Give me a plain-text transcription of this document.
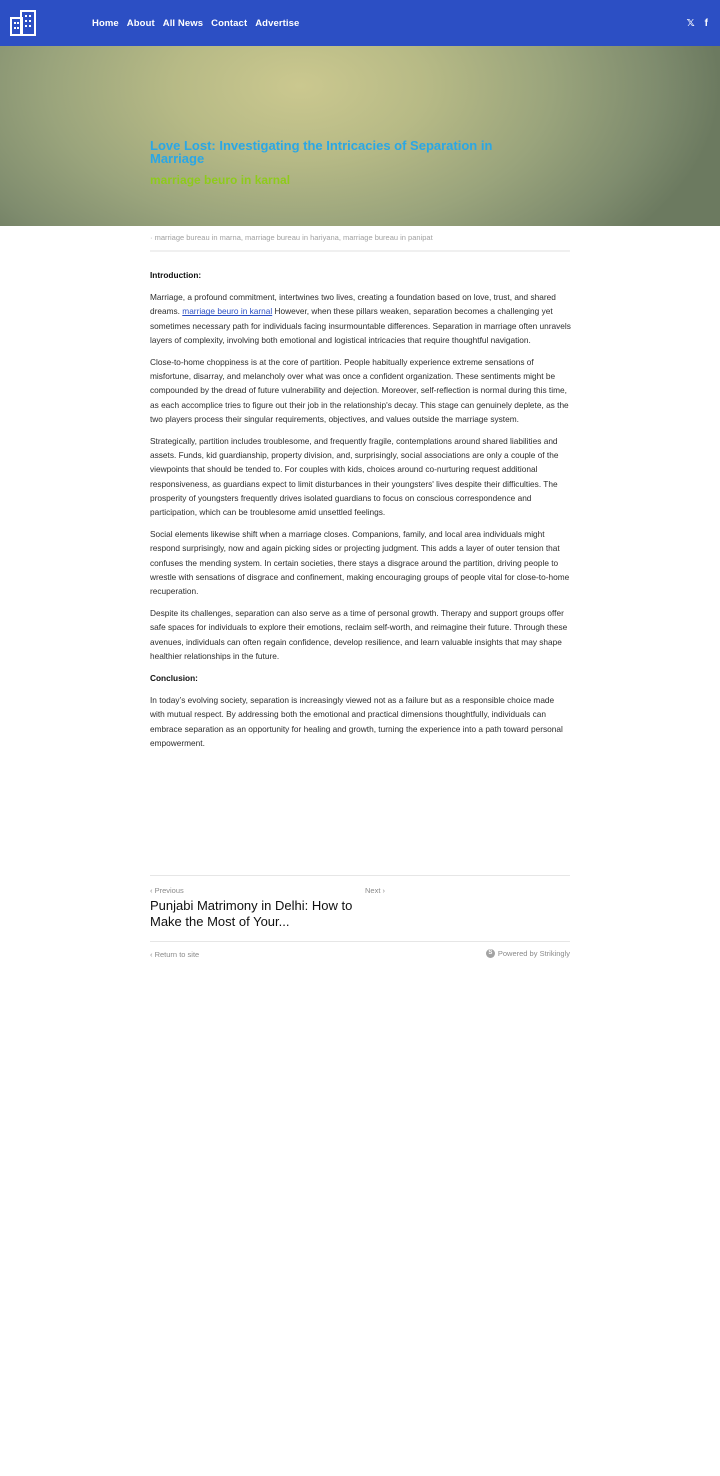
Home About All News Contact Advertise	𝕏 f
Love Lost: Investigating the Intricacies of Separation in Marriage

marriage beuro in karnal

· marriage bureau in marna, marriage bureau in hariyana, marriage bureau in panipat

Introduction:

Marriage, a profound commitment, intertwines two lives, creating a foundation based on love, trust, and shared dreams. marriage beuro in karnal However, when these pillars weaken, separation becomes a challenging yet sometimes necessary path for individuals facing insurmountable differences. Separation in marriage often unravels layers of complexity, involving both emotional and logistical intricacies that require thoughtful navigation.

Close-to-home choppiness is at the core of partition. People habitually experience extreme sensations of misfortune, disarray, and melancholy over what was once a confident organization. These sentiments might be compounded by the dread of future vulnerability and dejection. Moreover, self-reflection is normal during this time, as each accomplice tries to figure out their job in the relationship's decay. This stage can genuinely deplete, as the two players process their singular requirements, objectives, and values outside the marriage system.

Strategically, partition includes troublesome, and frequently fragile, contemplations around shared liabilities and assets. Funds, kid guardianship, property division, and, surprisingly, social associations are only a couple of the viewpoints that should be tended to. For couples with kids, choices around co-nurturing request additional responsiveness, as guardians expect to limit disturbances in their youngsters' lives despite their difficulties. The prosperity of youngsters frequently drives isolated guardians to focus on conscious correspondence and participation, which can be troublesome amid unsettled feelings.

Social elements likewise shift when a marriage closes. Companions, family, and local area individuals might respond surprisingly, now and again picking sides or projecting judgment. This adds a layer of outer tension that confuses the mending system. In certain societies, there stays a disgrace around the partition, driving people to wrestle with sensations of disgrace and confinement, making encouraging groups of people vital for close-to-home recuperation.

Despite its challenges, separation can also serve as a time of personal growth. Therapy and support groups offer safe spaces for individuals to explore their emotions, reclaim self-worth, and reimagine their future. Through these avenues, individuals can often regain confidence, develop resilience, and learn valuable insights that may shape healthier relationships in the future.

Conclusion:

In today’s evolving society, separation is increasingly viewed not as a failure but as a responsible choice made with mutual respect. By addressing both the emotional and practical dimensions thoughtfully, individuals can embrace separation as an opportunity for healing and growth, turning the experience into a path toward personal empowerment.

‹ Previous	Next ›
Punjabi Matrimony in Delhi: How to Make the Most of Your...
‹ Return to site	S Powered by Strikingly
